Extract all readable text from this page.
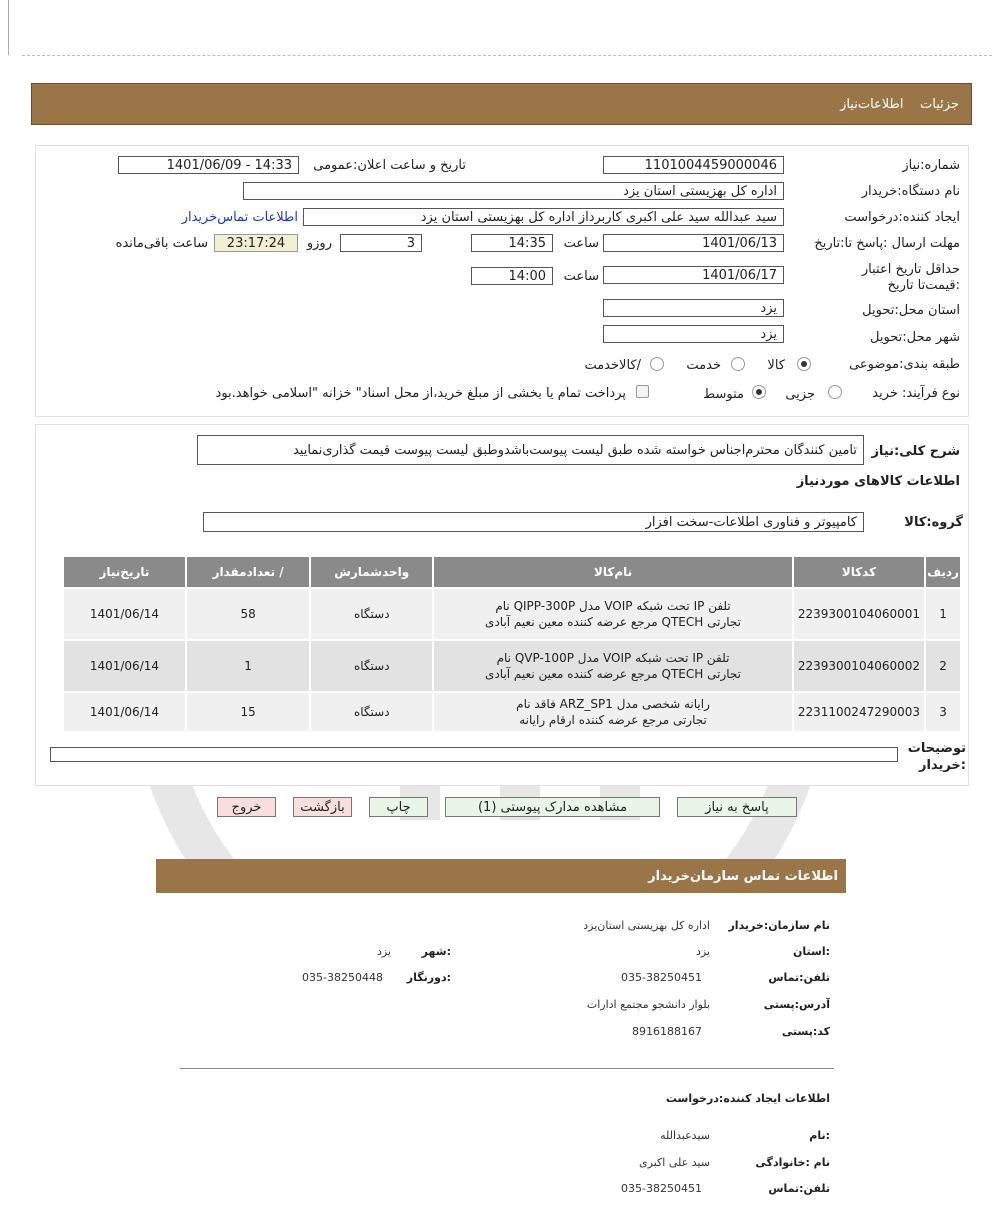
جزئیات    اطلاعات‌نیاز
شماره:نیاز
1101004459000046
تاریخ و ساعت اعلان:عمومی
1401/06/09 - 14:33
نام دستگاه:خریدار
اداره کل بهزیستی استان یزد
ایجاد کننده:درخواست
سید عبدالله سید علی اکبری کاربرداز اداره کل بهزیستی استان یزد
اطلاعات تماس‌خریدار
مهلت ارسال :پاسخ تا:تاریخ
1401/06/13
ساعت
14:35
3
روزو
23:17:24
ساعت باقی‌مانده
حداقل تاریخ اعتبار :قیمت‌تا تاریخ
1401/06/17
ساعت
14:00
استان محل:تحویل
یزد
شهر محل:تحویل
یزد
طبقه بندی:موضوعی
کالا
خدمت
/کالاخدمت
نوع فرآیند: خرید
جزیی
متوسط
پرداخت تمام یا بخشی از مبلغ خرید،از محل اسناد" خزانه "اسلامی خواهد.بود
شرح کلی:نیاز
تامین کنندگان محترم‌اجناس خواسته شده طبق لیست پیوست‌باشدوطبق لیست پیوست قیمت گذاری‌نمایید
اطلاعات کالاهای موردنیاز
گروه:کالا
کامپیوتر و فناوری اطلاعات-سخت افزار
ردیف	کدکالا	نام‌کالا	واحدشمارش	/ تعدادمقدار	تاریخ‌نیاز
1	2239300104060001	تلفن IP تحت شبکه VOIP مدل QIPP-300P نام تجارتی QTECH مرجع عرضه کننده معین نعیم آبادی	دستگاه	58	1401/06/14
2	2239300104060002	تلفن IP تحت شبکه VOIP مدل QVP-100P نام تجارتی QTECH مرجع عرضه کننده معین نعیم آبادی	دستگاه	1	1401/06/14
3	2231100247290003	رایانه شخصی مدل ARZ_SP1 فاقد نام تجارتی مرجع عرضه کننده ارقام رایانه	دستگاه	15	1401/06/14
توضیحات :خریدار
پاسخ به نیاز
مشاهده مدارک پیوستی (1)
چاپ
بازگشت
خروج
اطلاعات تماس سازمان‌خریدار
نام سازمان:خریدار
اداره کل بهزیستی استان‌یزد
:استان
یزد
:شهر
یزد
تلفن:تماس
035-38250451
:دورنگار
035-38250448
آدرس:پستی
بلوار دانشجو مجتمع ادارات
کد:پستی
8916188167
اطلاعات ایجاد کننده:درخواست
:نام
سیدعبدالله
نام :خانوادگی
سید علی اکبری
تلفن:تماس
035-38250451
